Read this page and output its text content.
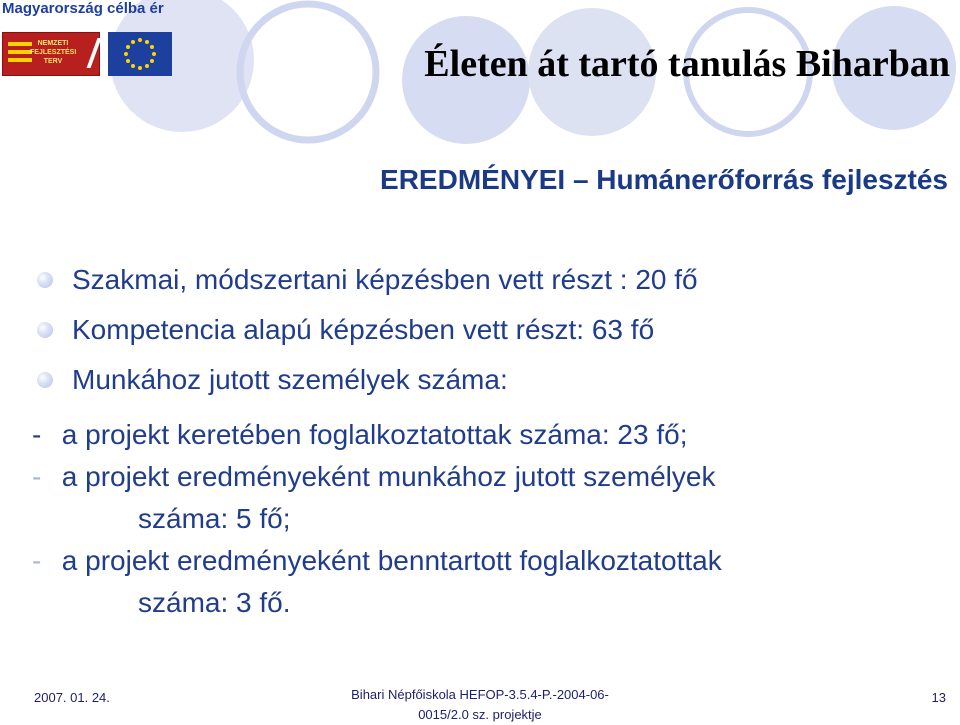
Magyarország célba ér
NEMZETI FEJLESZTÉSI TERV	Életen át tartó tanulás Biharban
EREDMÉNYEI – Humánerőforrás fejlesztés
Szakmai, módszertani képzésben vett részt : 20 fő
Kompetencia alapú képzésben vett részt: 63 fő
Munkához jutott személyek száma:
- a projekt keretében foglalkoztatottak száma: 23 fő;
- a projekt eredményeként munkához jutott személyek
száma: 5 fő;
- a projekt eredményeként benntartott foglalkoztatottak
száma: 3 fő.
2007. 01. 24.	Bihari Népfőiskola HEFOP-3.5.4-P.-2004-06-
0015/2.0 sz. projektje
13
